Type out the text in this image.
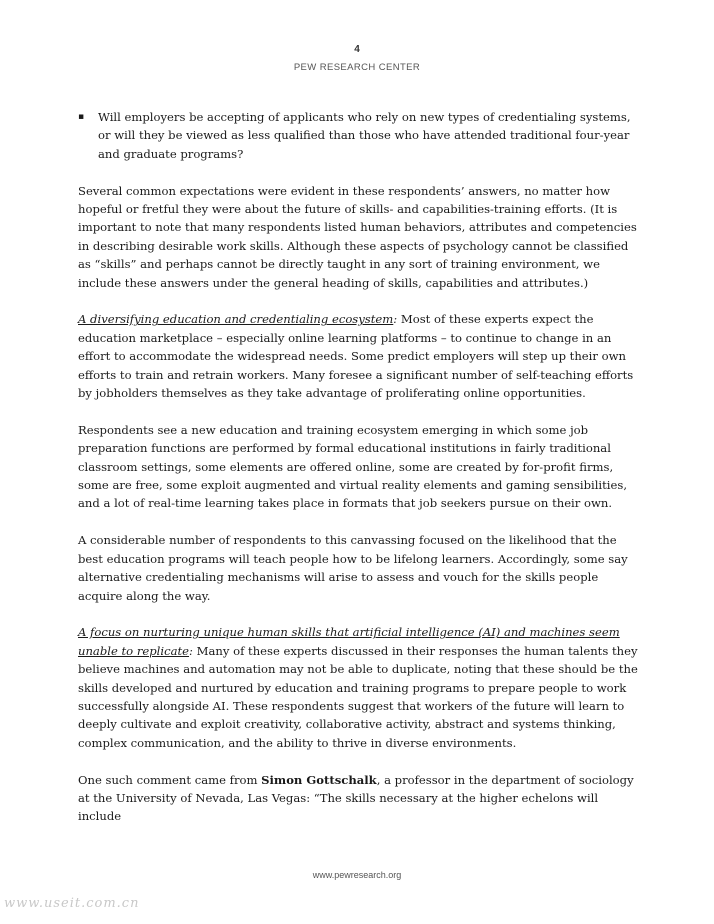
4
PEW RESEARCH CENTER
▪	Will employers be accepting of applicants who rely on new types of credentialing systems, or will they be viewed as less qualified than those who have attended traditional four-year and graduate programs?

Several common expectations were evident in these respondents’ answers, no matter how hopeful or fretful they were about the future of skills- and capabilities-training efforts. (It is important to note that many respondents listed human behaviors, attributes and competencies in describing desirable work skills. Although these aspects of psychology cannot be classified as “skills” and perhaps cannot be directly taught in any sort of training environment, we include these answers under the general heading of skills, capabilities and attributes.)

A diversifying education and credentialing ecosystem: Most of these experts expect the education marketplace – especially online learning platforms – to continue to change in an effort to accommodate the widespread needs. Some predict employers will step up their own efforts to train and retrain workers. Many foresee a significant number of self-teaching efforts by jobholders themselves as they take advantage of proliferating online opportunities.

Respondents see a new education and training ecosystem emerging in which some job preparation functions are performed by formal educational institutions in fairly traditional classroom settings, some elements are offered online, some are created by for-profit firms, some are free, some exploit augmented and virtual reality elements and gaming sensibilities, and a lot of real-time learning takes place in formats that job seekers pursue on their own.

A considerable number of respondents to this canvassing focused on the likelihood that the best education programs will teach people how to be lifelong learners. Accordingly, some say alternative credentialing mechanisms will arise to assess and vouch for the skills people acquire along the way.

A focus on nurturing unique human skills that artificial intelligence (AI) and machines seem unable to replicate: Many of these experts discussed in their responses the human talents they believe machines and automation may not be able to duplicate, noting that these should be the skills developed and nurtured by education and training programs to prepare people to work successfully alongside AI. These respondents suggest that workers of the future will learn to deeply cultivate and exploit creativity, collaborative activity, abstract and systems thinking, complex communication, and the ability to thrive in diverse environments.

One such comment came from Simon Gottschalk, a professor in the department of sociology at the University of Nevada, Las Vegas: “The skills necessary at the higher echelons will include

www.pewresearch.org
www.useit.com.cn
